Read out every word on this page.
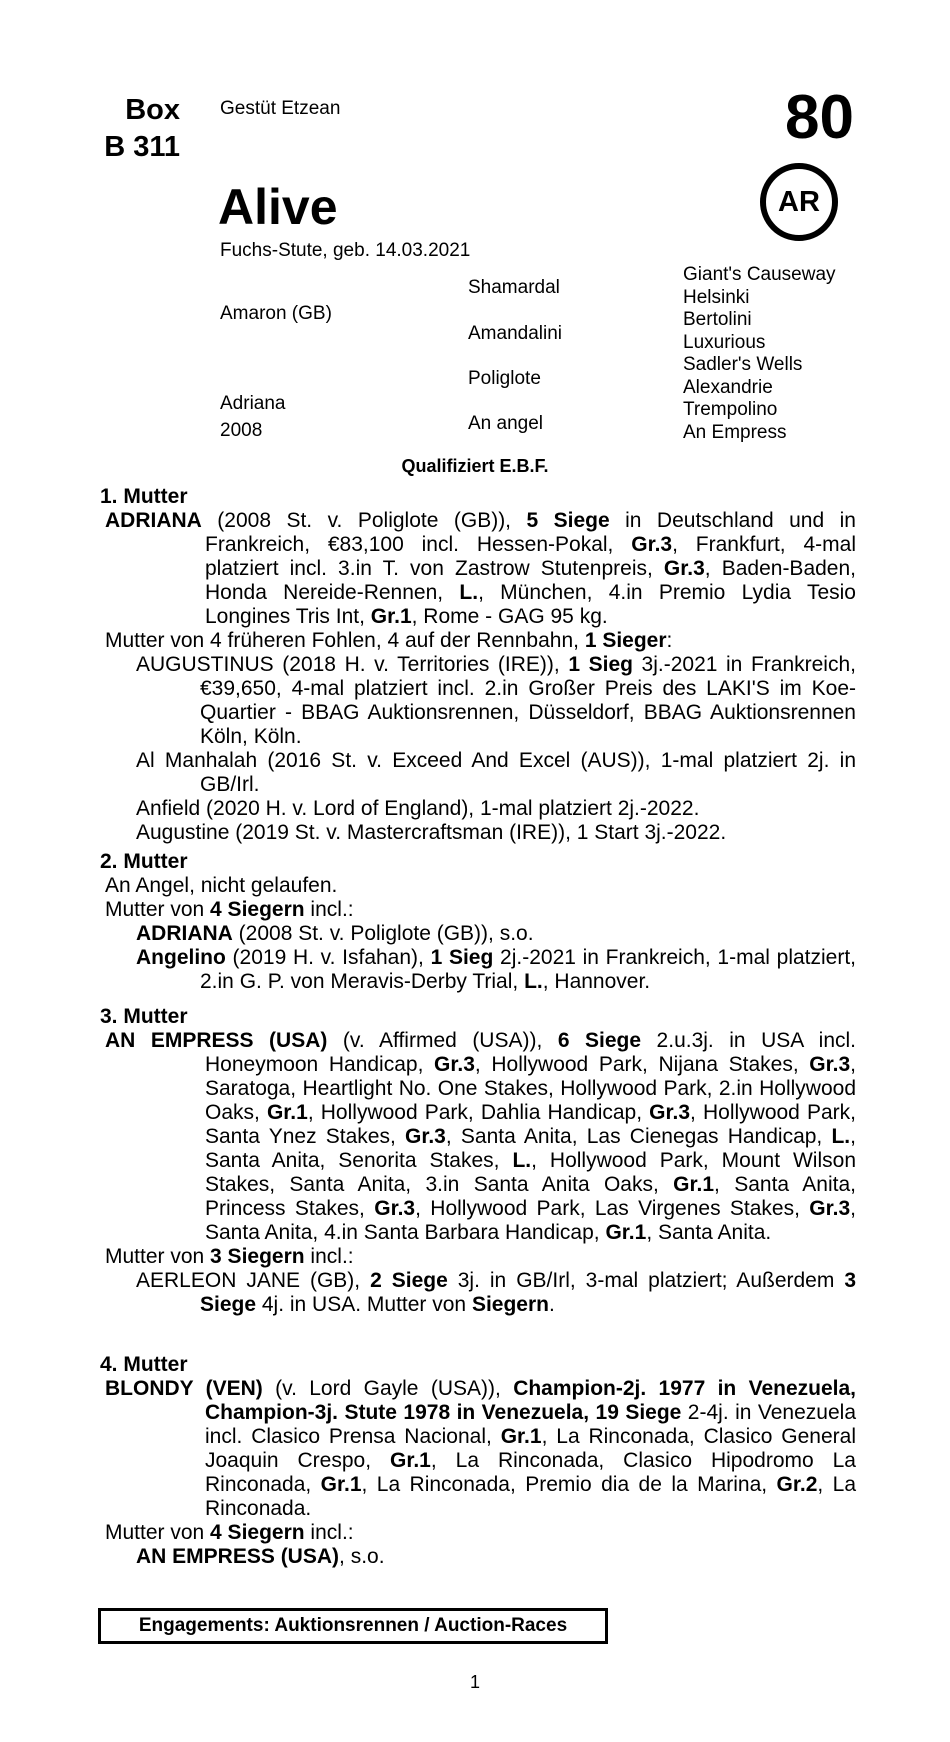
Box
B 311
Gestüt Etzean	80
AR
Alive
Fuchs-Stute, geb. 14.03.2021
Amaron (GB)
Adriana
2008
Shamardal
Amandalini
Poliglote
An angel
Giant's Causeway
Helsinki
Bertolini
Luxurious
Sadler's Wells
Alexandrie
Trempolino
An Empress
Qualifiziert E.B.F.
1. Mutter

ADRIANA (2008 St. v. Poliglote (GB)), 5 Siege in Deutschland und in Frankreich, €83,100 incl. Hessen-Pokal, Gr.3, Frankfurt, 4-mal platziert incl. 3.in T. von Zastrow Stutenpreis, Gr.3, Baden-Baden, Honda Nereide-Rennen, L., München, 4.in Premio Lydia Tesio Longines Tris Int, Gr.1, Rome - GAG 95 kg.

Mutter von 4 früheren Fohlen, 4 auf der Rennbahn, 1 Sieger:

AUGUSTINUS (2018 H. v. Territories (IRE)), 1 Sieg 3j.-2021 in Frankreich, €39,650, 4-mal platziert incl. 2.in Großer Preis des LAKI'S im Koe-Quartier - BBAG Auktionsrennen, Düsseldorf, BBAG Auktionsrennen Köln, Köln.

Al Manhalah (2016 St. v. Exceed And Excel (AUS)), 1-mal platziert 2j. in GB/Irl.

Anfield (2020 H. v. Lord of England), 1-mal platziert 2j.-2022.

Augustine (2019 St. v. Mastercraftsman (IRE)), 1 Start 3j.-2022.

2. Mutter

An Angel, nicht gelaufen.

Mutter von 4 Siegern incl.:

ADRIANA (2008 St. v. Poliglote (GB)), s.o.

Angelino (2019 H. v. Isfahan), 1 Sieg 2j.-2021 in Frankreich, 1-mal platziert, 2.in G. P. von Meravis-Derby Trial, L., Hannover.

3. Mutter

AN EMPRESS (USA) (v. Affirmed (USA)), 6 Siege 2.u.3j. in USA incl. Honeymoon Handicap, Gr.3, Hollywood Park, Nijana Stakes, Gr.3, Saratoga, Heartlight No. One Stakes, Hollywood Park, 2.in Hollywood Oaks, Gr.1, Hollywood Park, Dahlia Handicap, Gr.3, Hollywood Park, Santa Ynez Stakes, Gr.3, Santa Anita, Las Cienegas Handicap, L., Santa Anita, Senorita Stakes, L., Hollywood Park, Mount Wilson Stakes, Santa Anita, 3.in Santa Anita Oaks, Gr.1, Santa Anita, Princess Stakes, Gr.3, Hollywood Park, Las Virgenes Stakes, Gr.3, Santa Anita, 4.in Santa Barbara Handicap, Gr.1, Santa Anita.

Mutter von 3 Siegern incl.:

AERLEON JANE (GB), 2 Siege 3j. in GB/Irl, 3-mal platziert; Außerdem 3 Siege 4j. in USA. Mutter von Siegern.

4. Mutter

BLONDY (VEN) (v. Lord Gayle (USA)), Champion-2j. 1977 in Venezuela, Champion-3j. Stute 1978 in Venezuela, 19 Siege 2-4j. in Venezuela incl. Clasico Prensa Nacional, Gr.1, La Rinconada, Clasico General Joaquin Crespo, Gr.1, La Rinconada, Clasico Hipodromo La Rinconada, Gr.1, La Rinconada, Premio dia de la Marina, Gr.2, La Rinconada.

Mutter von 4 Siegern incl.:

AN EMPRESS (USA), s.o.

Engagements: Auktionsrennen / Auction-Races
1
